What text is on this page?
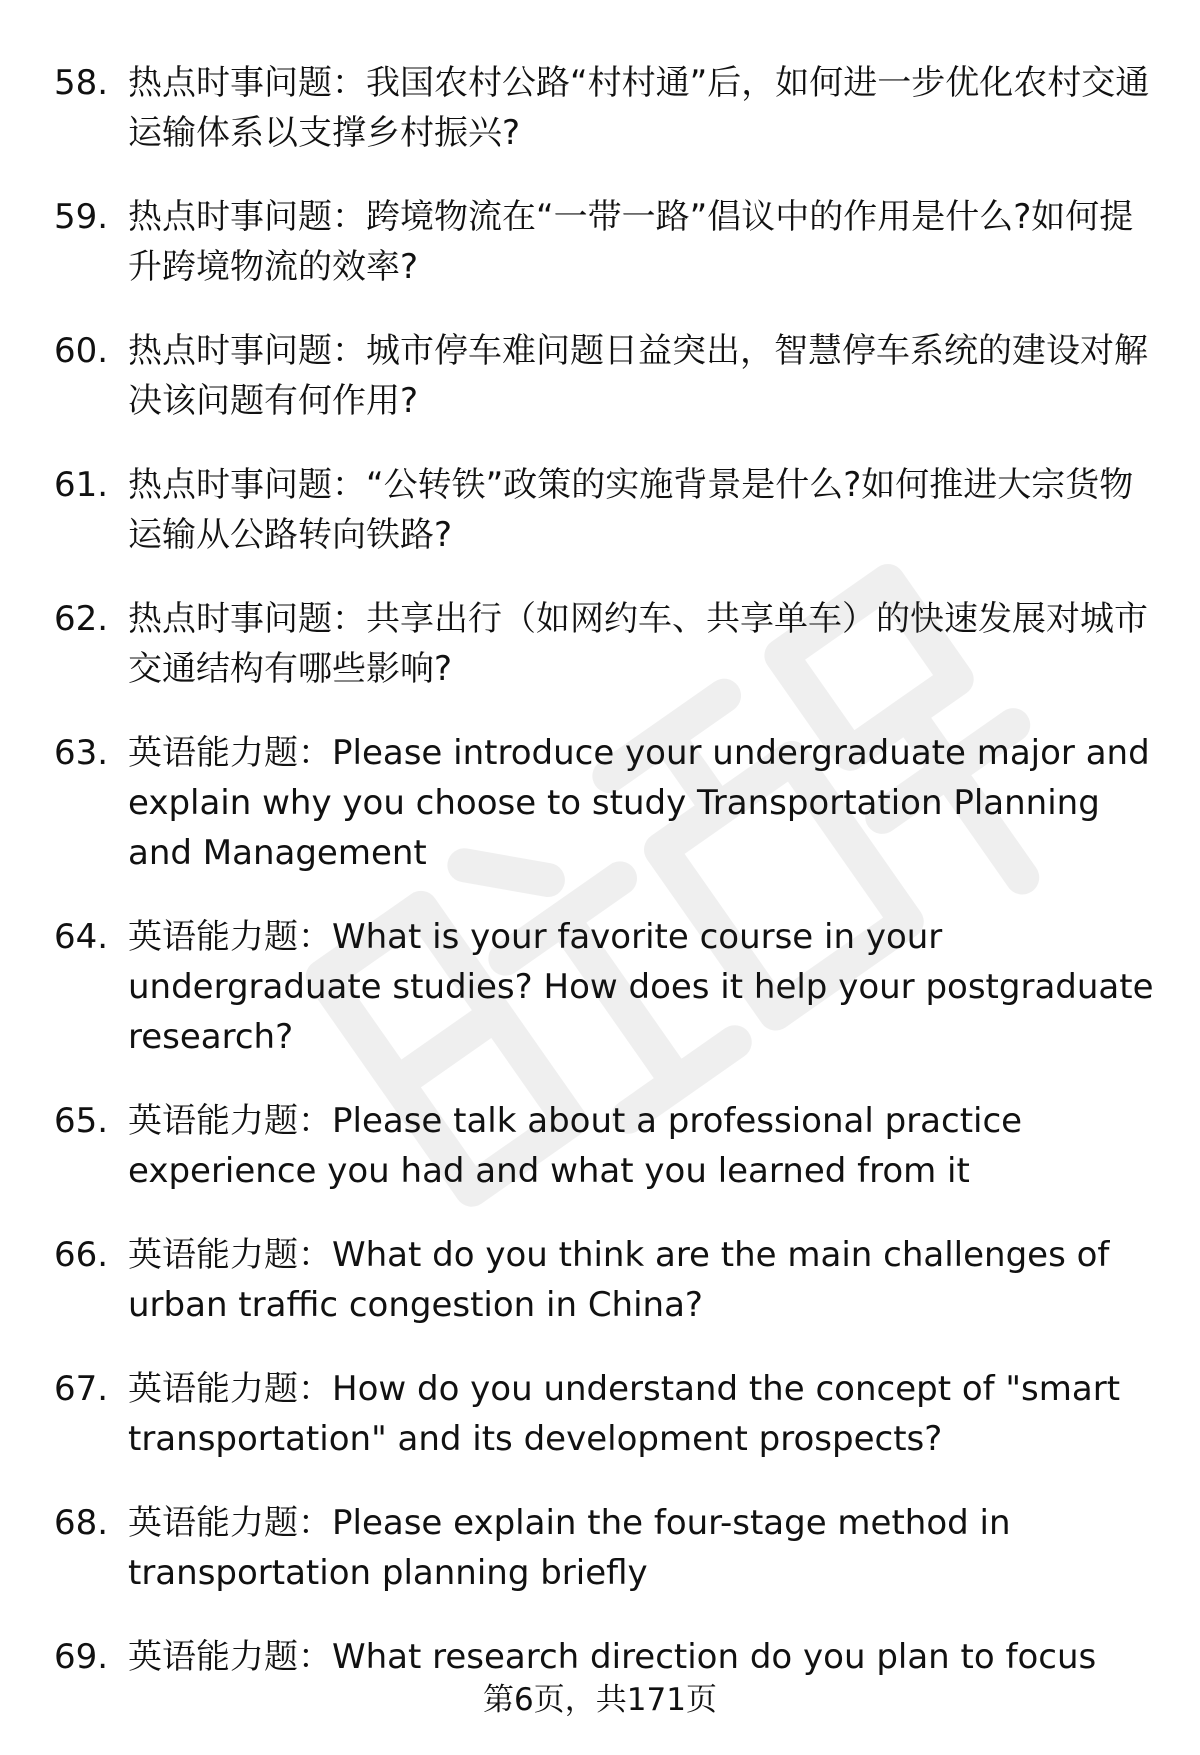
58. 热点时事问题：我国农村公路“村村通”后，如何进一步优化农村交通运输体系以支撑乡村振兴?
59. 热点时事问题：跨境物流在“一带一路”倡议中的作用是什么?如何提升跨境物流的效率?
60. 热点时事问题：城市停车难问题日益突出，智慧停车系统的建设对解决该问题有何作用?
61. 热点时事问题：“公转铁”政策的实施背景是什么?如何推进大宗货物运输从公路转向铁路?
62. 热点时事问题：共享出行（如网约车、共享单车）的快速发展对城市交通结构有哪些影响?
63. 英语能力题：Please introduce your undergraduate major and explain why you choose to study Transportation Planning and Management
64. 英语能力题：What is your favorite course in your undergraduate studies? How does it help your postgraduate research?
65. 英语能力题：Please talk about a professional practice experience you had and what you learned from it
66. 英语能力题：What do you think are the main challenges of urban traffic congestion in China?
67. 英语能力题：How do you understand the concept of "smart transportation" and its development prospects?
68. 英语能力题：Please explain the four-stage method in transportation planning briefly
69. 英语能力题：What research direction do you plan to focus
第6页，共171页
